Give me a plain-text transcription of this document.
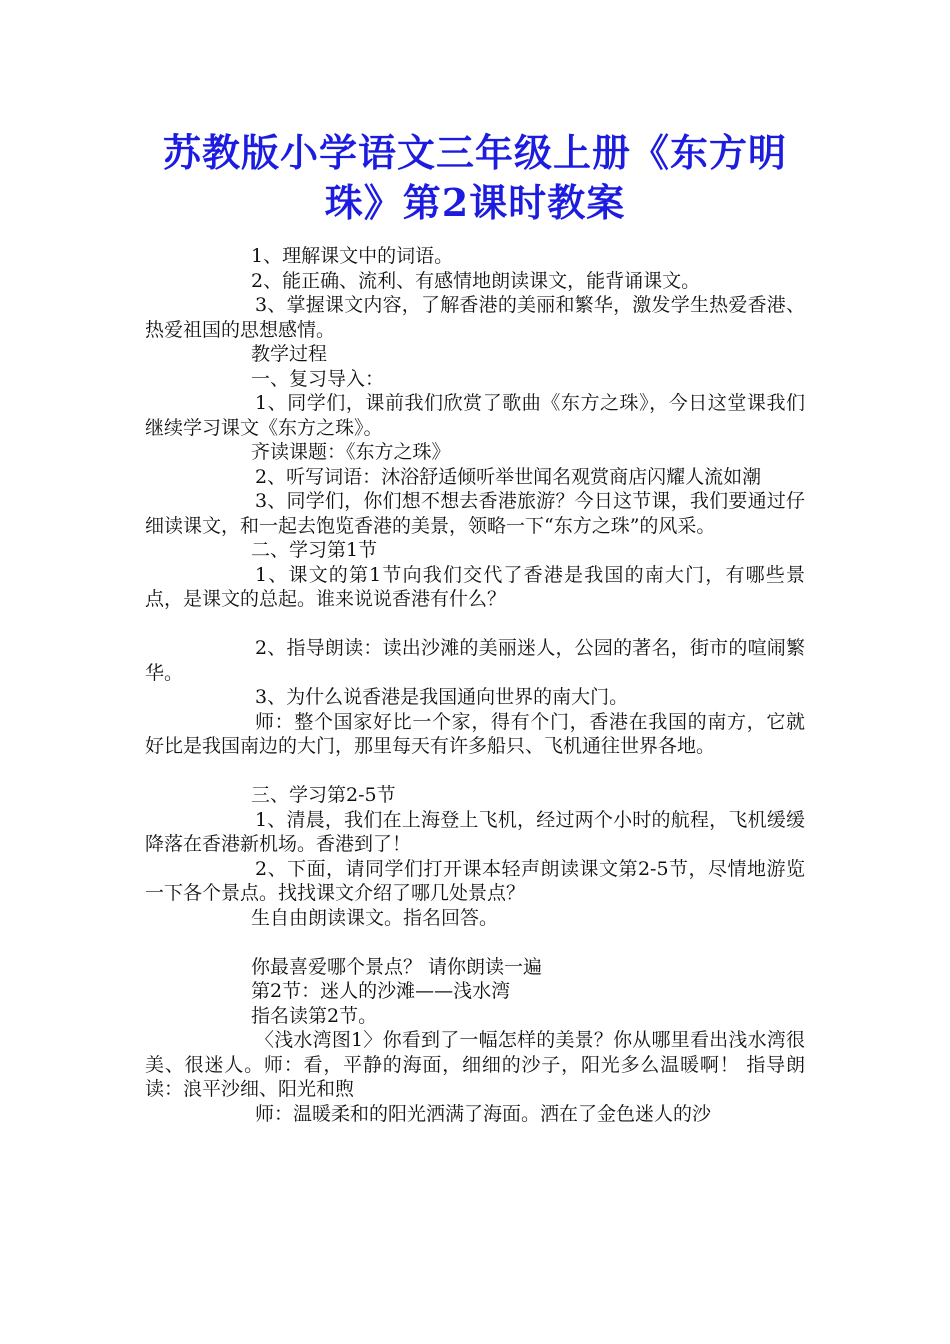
苏教版小学语文三年级上册《东方明珠》第2课时教案

1、理解课文中的词语。

2、能正确、流利、有感情地朗读课文，能背诵课文。

3、掌握课文内容，了解香港的美丽和繁华，激发学生热爱香港、热爱祖国的思想感情。

教学过程

一、复习导入：

1、同学们，课前我们欣赏了歌曲《东方之珠》，今日这堂课我们继续学习课文《东方之珠》。

齐读课题：《东方之珠》

2、听写词语：沐浴舒适倾听举世闻名观赏商店闪耀人流如潮

3、同学们，你们想不想去香港旅游？今日这节课，我们要通过仔细读课文，和一起去饱览香港的美景，领略一下“东方之珠”的风采。

二、学习第1节

1、课文的第1节向我们交代了香港是我国的南大门，有哪些景点，是课文的总起。谁来说说香港有什么？

2、指导朗读：读出沙滩的美丽迷人，公园的著名，街市的喧闹繁华。

3、为什么说香港是我国通向世界的南大门。

师：整个国家好比一个家，得有个门，香港在我国的南方，它就好比是我国南边的大门，那里每天有许多船只、飞机通往世界各地。

三、学习第2-5节

1、清晨，我们在上海登上飞机，经过两个小时的航程，飞机缓缓降落在香港新机场。香港到了！

2、下面，请同学们打开课本轻声朗读课文第2-5节，尽情地游览一下各个景点。找找课文介绍了哪几处景点？

生自由朗读课文。指名回答。

你最喜爱哪个景点？ 请你朗读一遍

第2节：迷人的沙滩——浅水湾

指名读第2节。

〈浅水湾图1〉你看到了一幅怎样的美景？你从哪里看出浅水湾很美、很迷人。师：看，平静的海面，细细的沙子，阳光多么温暖啊！ 指导朗读：浪平沙细、阳光和煦

师：温暖柔和的阳光洒满了海面。洒在了金色迷人的沙
